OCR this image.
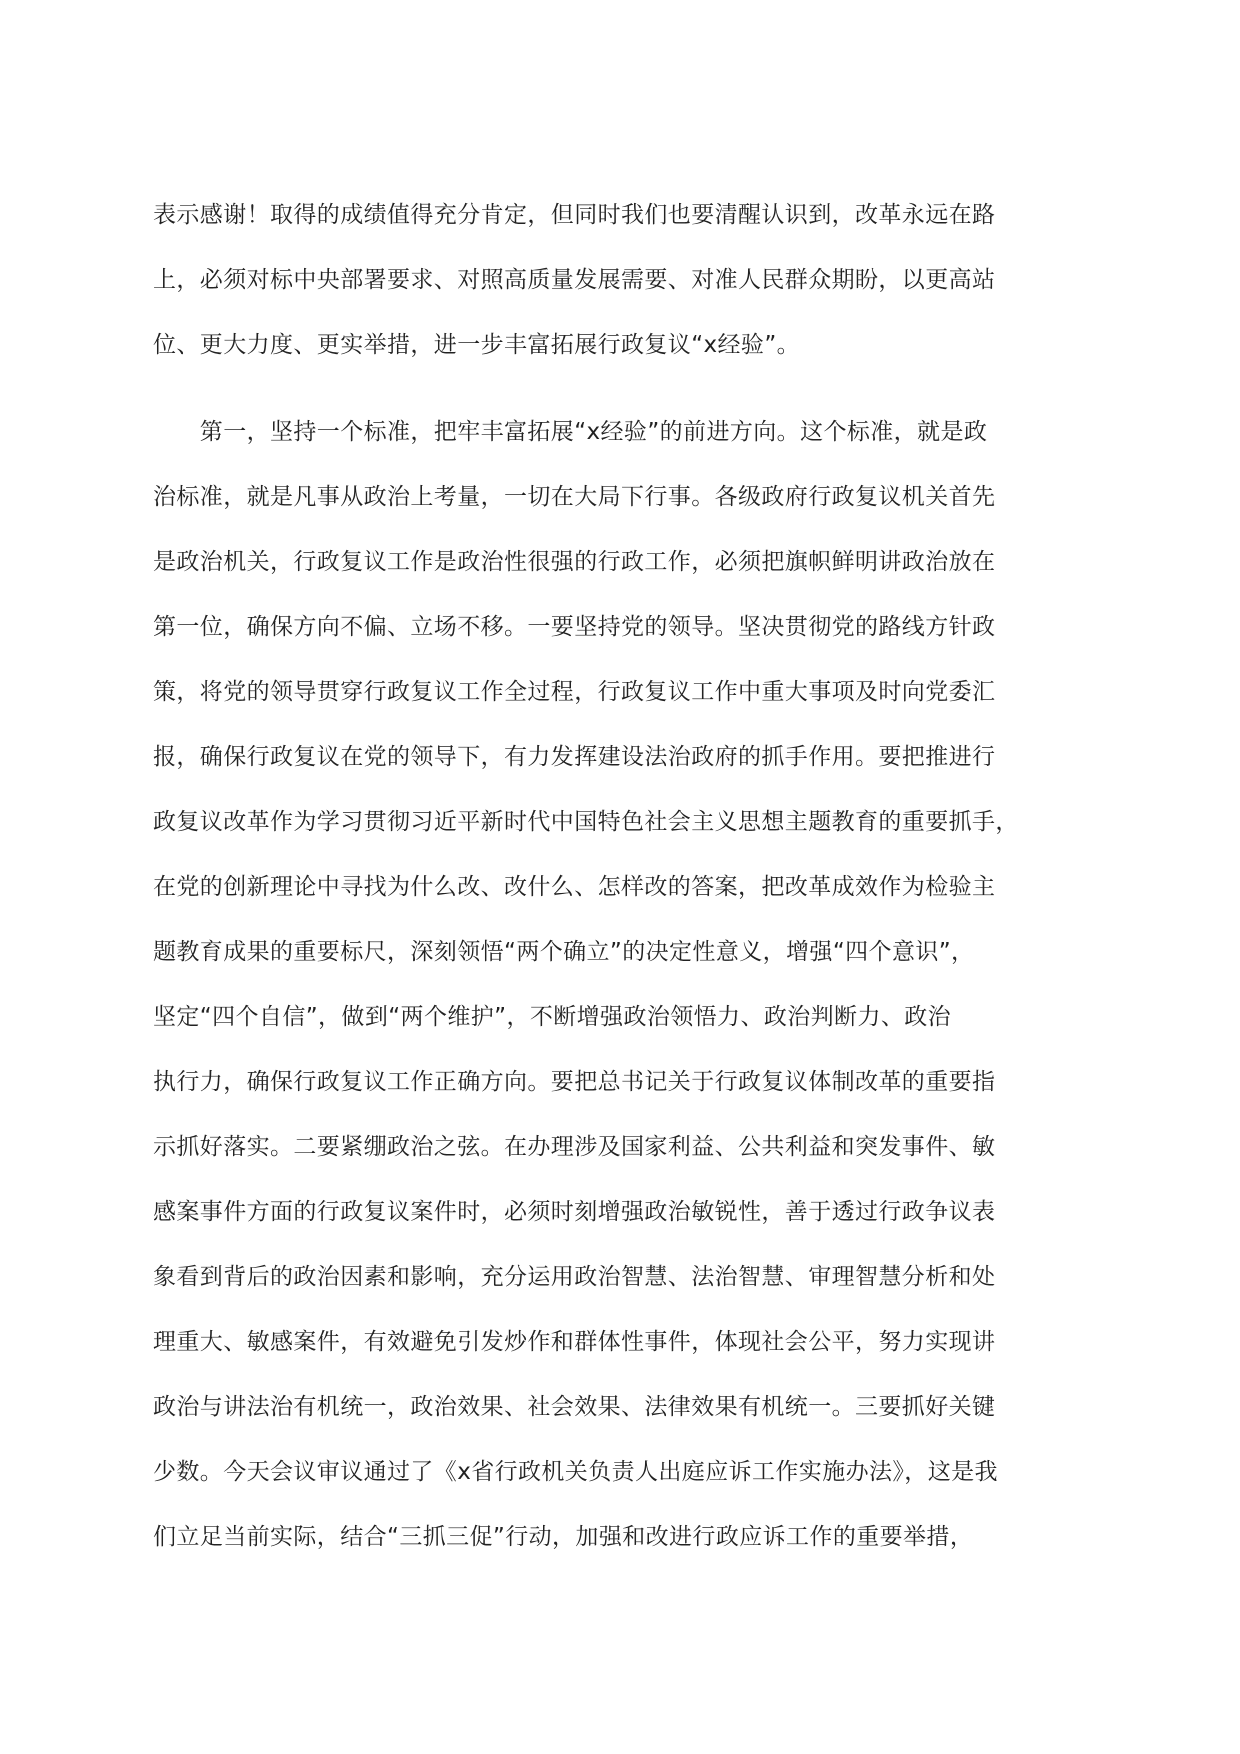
表示感谢！取得的成绩值得充分肯定，但同时我们也要清醒认识到，改革永远在路
上，必须对标中央部署要求、对照高质量发展需要、对准人民群众期盼，以更高站
位、更大力度、更实举措，进一步丰富拓展行政复议“x经验”。
　　第一，坚持一个标准，把牢丰富拓展“x经验”的前进方向。这个标准，就是政
治标准，就是凡事从政治上考量，一切在大局下行事。各级政府行政复议机关首先
是政治机关，行政复议工作是政治性很强的行政工作，必须把旗帜鲜明讲政治放在
第一位，确保方向不偏、立场不移。一要坚持党的领导。坚决贯彻党的路线方针政
策，将党的领导贯穿行政复议工作全过程，行政复议工作中重大事项及时向党委汇
报，确保行政复议在党的领导下，有力发挥建设法治政府的抓手作用。要把推进行
政复议改革作为学习贯彻习近平新时代中国特色社会主义思想主题教育的重要抓手，
在党的创新理论中寻找为什么改、改什么、怎样改的答案，把改革成效作为检验主
题教育成果的重要标尺，深刻领悟“两个确立”的决定性意义，增强“四个意识”，
坚定“四个自信”，做到“两个维护”，不断增强政治领悟力、政治判断力、政治
执行力，确保行政复议工作正确方向。要把总书记关于行政复议体制改革的重要指
示抓好落实。二要紧绷政治之弦。在办理涉及国家利益、公共利益和突发事件、敏
感案事件方面的行政复议案件时，必须时刻增强政治敏锐性，善于透过行政争议表
象看到背后的政治因素和影响，充分运用政治智慧、法治智慧、审理智慧分析和处
理重大、敏感案件，有效避免引发炒作和群体性事件，体现社会公平，努力实现讲
政治与讲法治有机统一，政治效果、社会效果、法律效果有机统一。三要抓好关键
少数。今天会议审议通过了《x省行政机关负责人出庭应诉工作实施办法》，这是我
们立足当前实际，结合“三抓三促”行动，加强和改进行政应诉工作的重要举措，
